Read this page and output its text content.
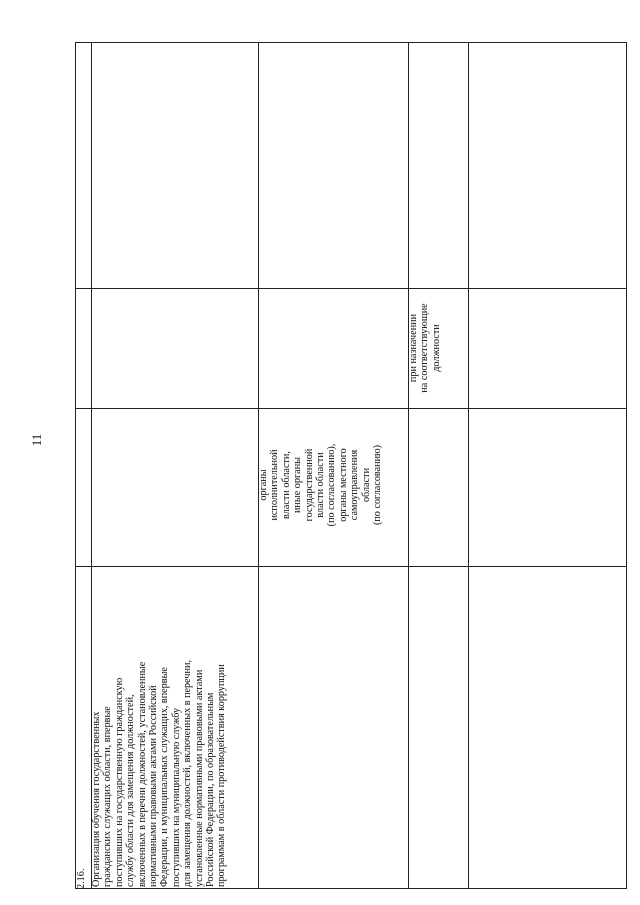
11
2.16. Организация обучения государственных
гражданских служащих области, впервые
поступивших на государственную гражданскую
службу области для замещения должностей,
включенных в перечни должностей, установленные
нормативными правовыми актами Российской
Федерации, и муниципальных служащих, впервые
поступивших на муниципальную службу
для замещения должностей, включенных в перечни,
установленные нормативными правовыми актами
Российской Федерации, по образовательным
программам в области противодействия коррупции
органы
исполнительной
власти области,
иные органы
государственной
власти области
(по согласованию),
органы местного
самоуправления
области
(по согласованию)
при назначении
на соответствующие
должности
